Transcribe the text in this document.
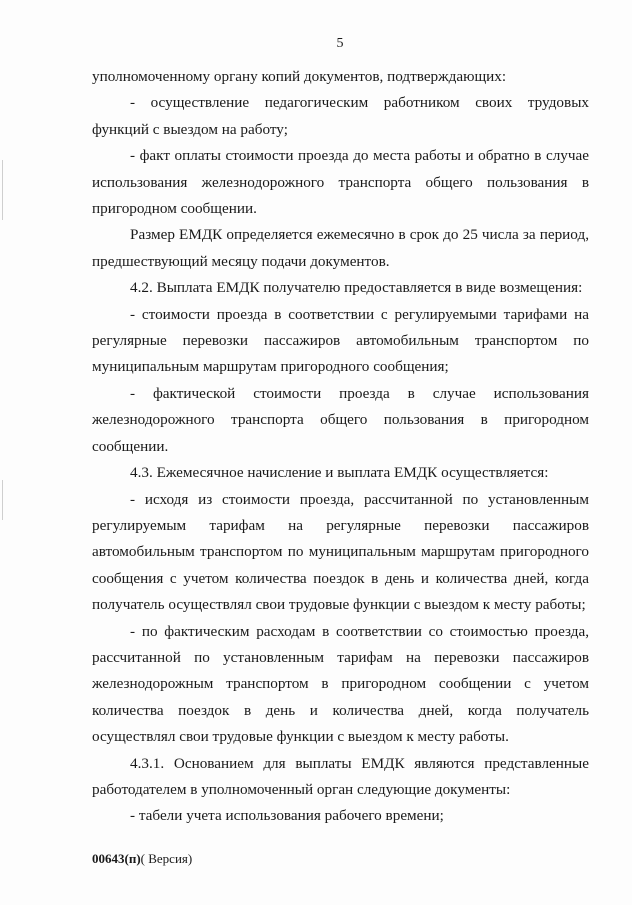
5

уполномоченному органу копий документов, подтверждающих:

- осуществление педагогическим работником своих трудовых функций с выездом на работу;

- факт оплаты стоимости проезда до места работы и обратно в случае использования железнодорожного транспорта общего пользования в пригородном сообщении.

Размер ЕМДК определяется ежемесячно в срок до 25 числа за период, предшествующий месяцу подачи документов.

4.2. Выплата ЕМДК получателю предоставляется в виде возмещения:

- стоимости проезда в соответствии с регулируемыми тарифами на регулярные перевозки пассажиров автомобильным транспортом по муниципальным маршрутам пригородного сообщения;

- фактической стоимости проезда в случае использования железнодорожного транспорта общего пользования в пригородном сообщении.

4.3. Ежемесячное начисление и выплата ЕМДК осуществляется:

- исходя из стоимости проезда, рассчитанной по установленным регулируемым тарифам на регулярные перевозки пассажиров автомобильным транспортом по муниципальным маршрутам пригородного сообщения с учетом количества поездок в день и количества дней, когда получатель осуществлял свои трудовые функции с выездом к месту работы;

- по фактическим расходам в соответствии со стоимостью проезда, рассчитанной по установленным тарифам на перевозки пассажиров железнодорожным транспортом в пригородном сообщении с учетом количества поездок в день и количества дней, когда получатель осуществлял свои трудовые функции с выездом к месту работы.

4.3.1. Основанием для выплаты ЕМДК являются представленные работодателем в уполномоченный орган следующие документы:

- табели учета использования рабочего времени;

00643(п)( Версия)
